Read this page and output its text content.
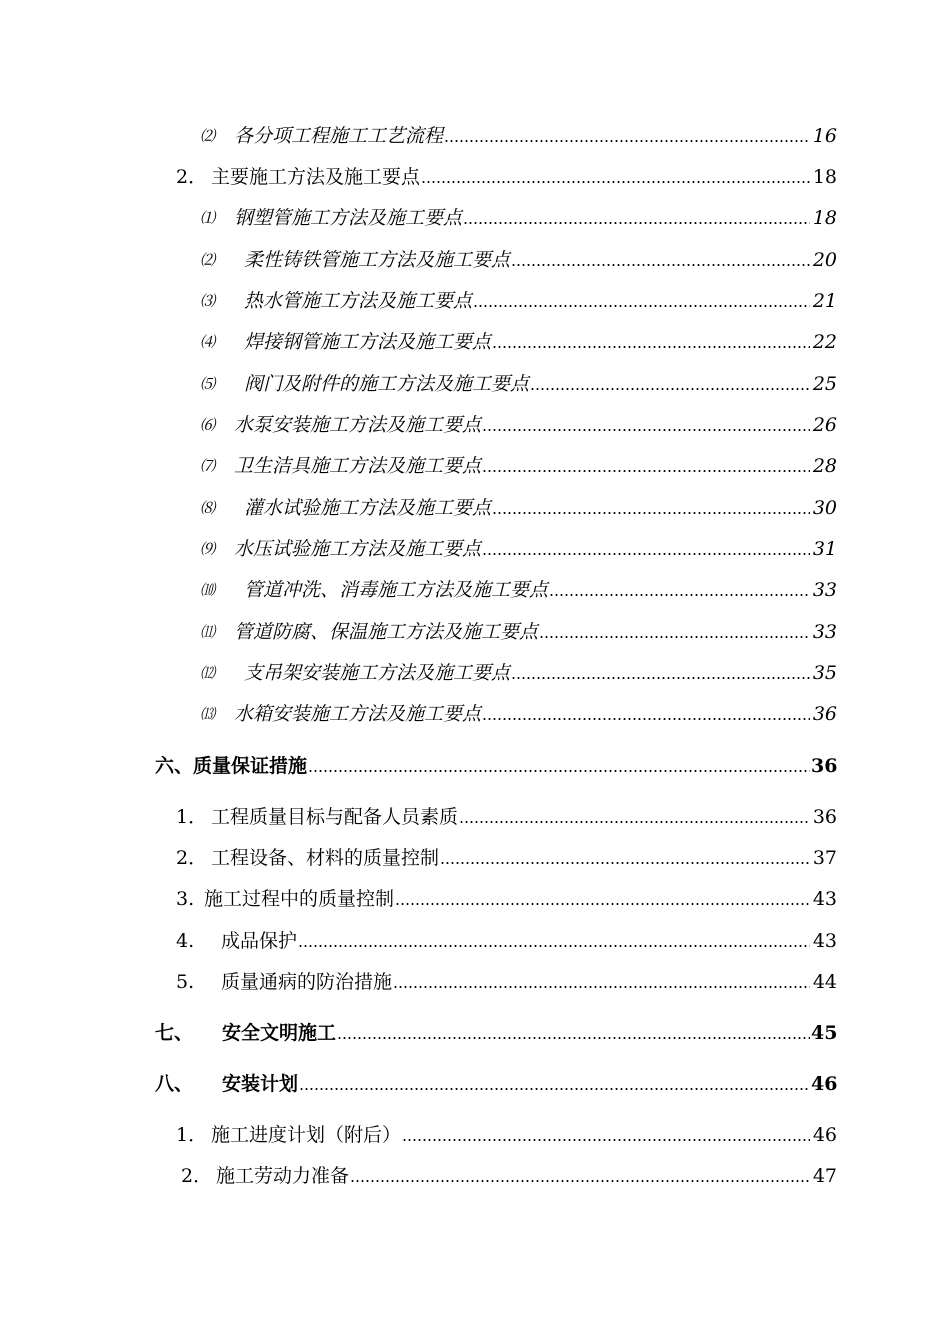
⑵ 各分项工程施工工艺流程	16
2． 主要施工方法及施工要点	18
⑴ 钢塑管施工方法及施工要点	18
⑵	柔性铸铁管施工方法及施工要点	20
⑶	热水管施工方法及施工要点	21
⑷	焊接钢管施工方法及施工要点	22
⑸	阀门及附件的施工方法及施工要点	25
⑹ 水泵安装施工方法及施工要点	26
⑺ 卫生洁具施工方法及施工要点	28
⑻	灌水试验施工方法及施工要点	30
⑼ 水压试验施工方法及施工要点	31
⑽	管道冲洗、消毒施工方法及施工要点	33
⑾ 管道防腐、保温施工方法及施工要点	33
⑿	支吊架安装施工方法及施工要点	35
⒀ 水箱安装施工方法及施工要点	36
六、 质量保证措施	36
1． 工程质量目标与配备人员素质	36
2． 工程设备、材料的质量控制	37
3. 施工过程中的质量控制	43
4.	成品保护	43
5.	质量通病的防治措施	44
七、	安全文明施工	45
八、	安装计划	46
1． 施工进度计划（附后）	46
2． 施工劳动力准备	47
